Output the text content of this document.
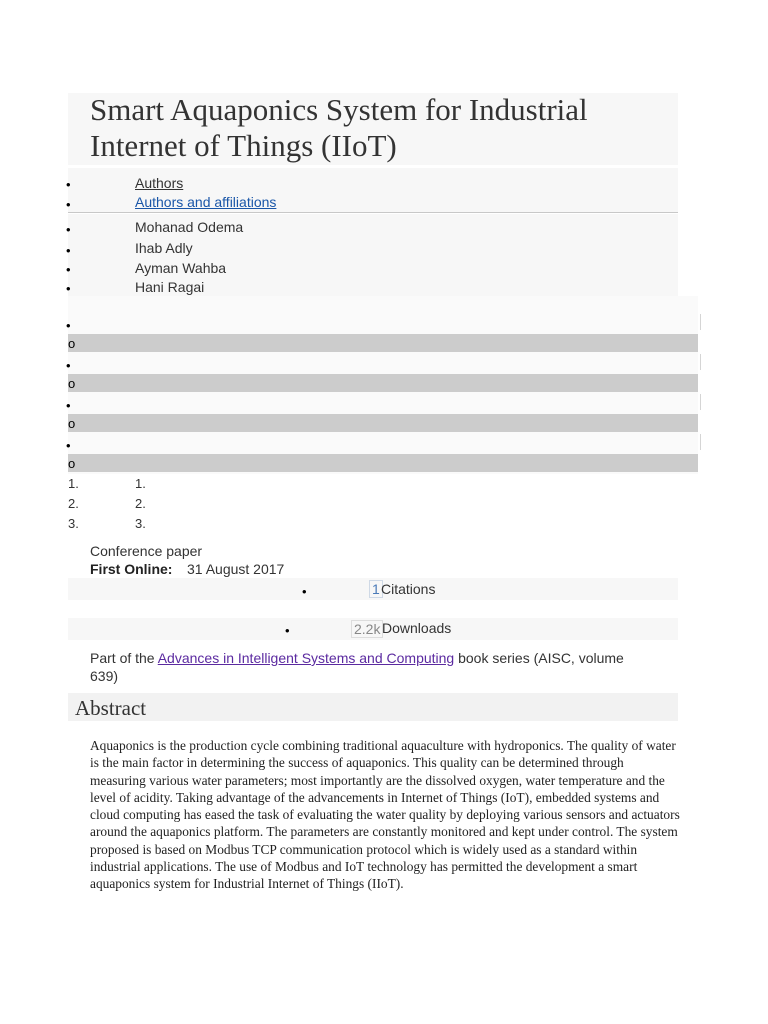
Smart Aquaponics System for Industrial Internet of Things (IIoT)
•	Authors
•	Authors and affiliations
•	Mohanad Odema
•	Ihab Adly
•	Ayman Wahba
•	Hani Ragai
•
o
•
o
•
o
•
o
1.	1.
2.	2.
3.	3.
Conference paper
First Online: 31 August 2017
•	1 Citations
•	2.2k Downloads

Part of the Advances in Intelligent Systems and Computing book series (AISC, volume 639)

Abstract

Aquaponics is the production cycle combining traditional aquaculture with hydroponics. The quality of water is the main factor in determining the success of aquaponics. This quality can be determined through measuring various water parameters; most importantly are the dissolved oxygen, water temperature and the level of acidity. Taking advantage of the advancements in Internet of Things (IoT), embedded systems and cloud computing has eased the task of evaluating the water quality by deploying various sensors and actuators around the aquaponics platform. The parameters are constantly monitored and kept under control. The system proposed is based on Modbus TCP communication protocol which is widely used as a standard within industrial applications. The use of Modbus and IoT technology has permitted the development a smart aquaponics system for Industrial Internet of Things (IIoT).
